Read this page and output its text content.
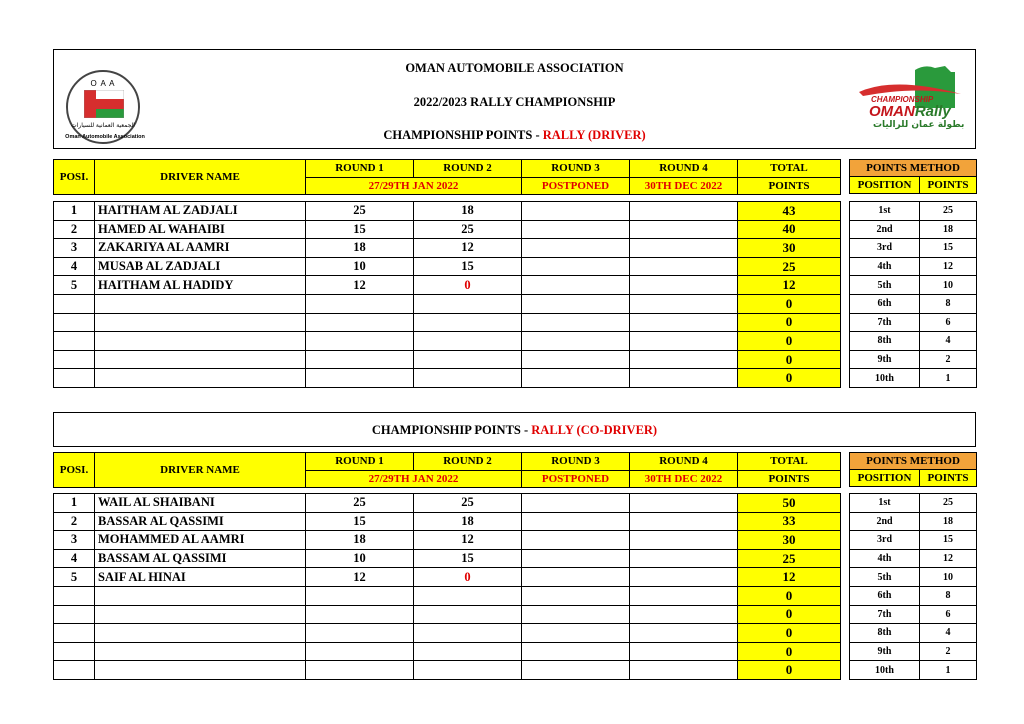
OMAN AUTOMOBILE ASSOCIATION
2022/2023 RALLY CHAMPIONSHIP
CHAMPIONSHIP POINTS - RALLY (DRIVER)
O A A
الجمعية العمانية للسيارات
Oman Automobile Association
CHAMPIONSHIP
OMANRally
بطولة عمان للراليات
POSI.	DRIVER NAME	ROUND 1	ROUND 2	ROUND 3	ROUND 4	TOTAL
		27/29TH JAN 2022		POSTPONED	30TH DEC 2022	POINTS
POINTS METHOD
POSITION	POINTS
1	HAITHAM AL ZADJALI	25	18			43
2	HAMED AL WAHAIBI	15	25			40
3	ZAKARIYA AL AAMRI	18	12			30
4	MUSAB AL ZADJALI	10	15			25
5	HAITHAM AL HADIDY	12	0			12
						0
						0
						0
						0
						0
1st	25
2nd	18
3rd	15
4th	12
5th	10
6th	8
7th	6
8th	4
9th	2
10th	1
CHAMPIONSHIP POINTS - RALLY (CO-DRIVER)
POSI.	DRIVER NAME	ROUND 1	ROUND 2	ROUND 3	ROUND 4	TOTAL
		27/29TH JAN 2022		POSTPONED	30TH DEC 2022	POINTS
POINTS METHOD
POSITION	POINTS
1	WAIL AL SHAIBANI	25	25			50
2	BASSAR AL QASSIMI	15	18			33
3	MOHAMMED AL AAMRI	18	12			30
4	BASSAM AL QASSIMI	10	15			25
5	SAIF AL HINAI	12	0			12
						0
						0
						0
						0
						0
1st	25
2nd	18
3rd	15
4th	12
5th	10
6th	8
7th	6
8th	4
9th	2
10th	1
